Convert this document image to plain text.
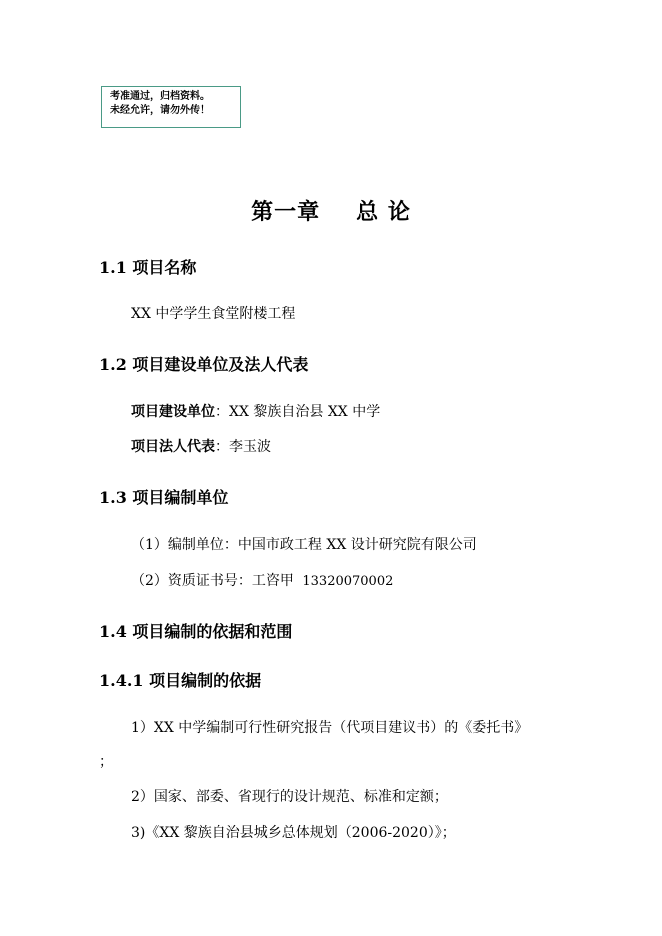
考准通过，归档资料。
未经允许，请勿外传！
第一章 总 论
1.1 项目名称
XX 中学学生食堂附楼工程
1.2 项目建设单位及法人代表
项目建设单位：XX 黎族自治县 XX 中学
项目法人代表：李玉波
1.3 项目编制单位
（1）编制单位：中国市政工程 XX 设计研究院有限公司
（2）资质证书号：工咨甲 13320070002
1.4 项目编制的依据和范围
1.4.1 项目编制的依据
1）XX 中学编制可行性研究报告（代项目建议书）的《委托书》
；
2）国家、部委、省现行的设计规范、标准和定额；
3)《XX 黎族自治县城乡总体规划（2006-2020）》；
